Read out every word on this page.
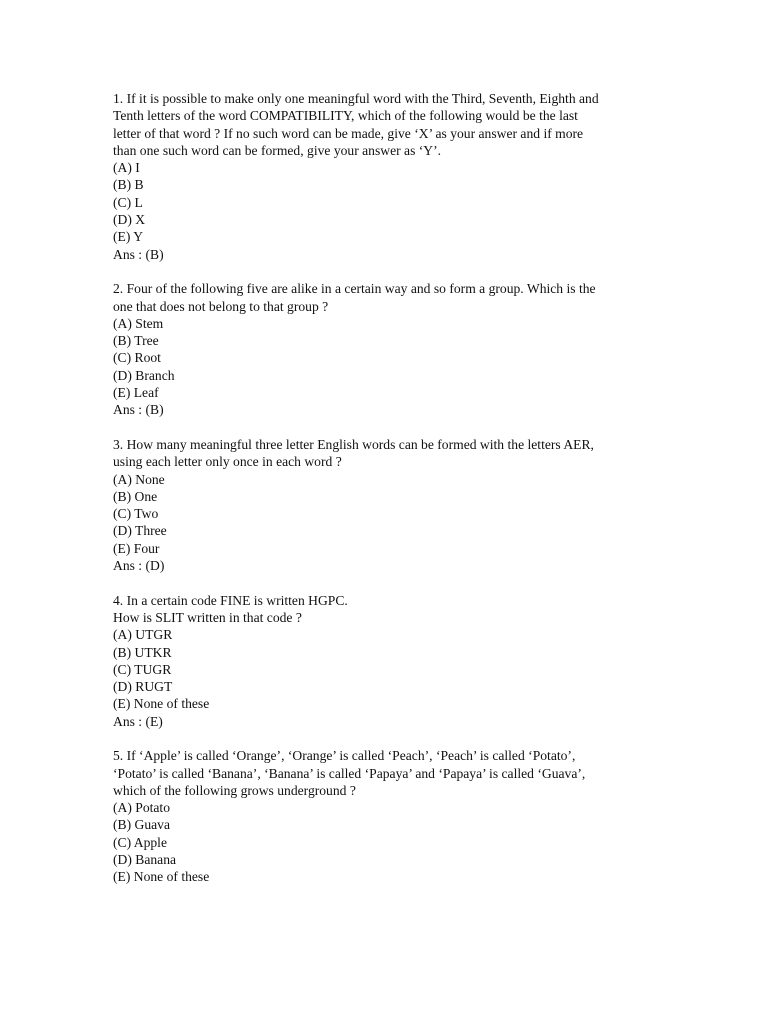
1. If it is possible to make only one meaningful word with the Third, Seventh, Eighth and
Tenth letters of the word COMPATIBILITY, which of the following would be the last
letter of that word ? If no such word can be made, give ‘X’ as your answer and if more
than one such word can be formed, give your answer as ‘Y’.
(A) I
(B) B
(C) L
(D) X
(E) Y
Ans : (B)
2. Four of the following five are alike in a certain way and so form a group. Which is the
one that does not belong to that group ?
(A) Stem
(B) Tree
(C) Root
(D) Branch
(E) Leaf
Ans : (B)
3. How many meaningful three letter English words can be formed with the letters AER,
using each letter only once in each word ?
(A) None
(B) One
(C) Two
(D) Three
(E) Four
Ans : (D)
4. In a certain code FINE is written HGPC.
How is SLIT written in that code ?
(A) UTGR
(B) UTKR
(C) TUGR
(D) RUGT
(E) None of these
Ans : (E)
5. If ‘Apple’ is called ‘Orange’, ‘Orange’ is called ‘Peach’, ‘Peach’ is called ‘Potato’,
‘Potato’ is called ‘Banana’, ‘Banana’ is called ‘Papaya’ and ‘Papaya’ is called ‘Guava’,
which of the following grows underground ?
(A) Potato
(B) Guava
(C) Apple
(D) Banana
(E) None of these
